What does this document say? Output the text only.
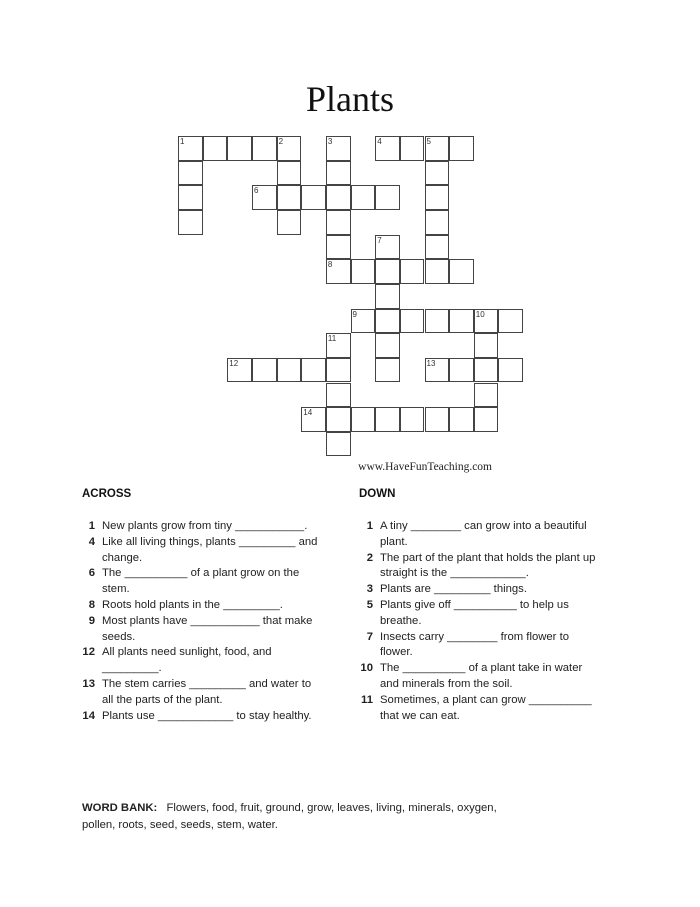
Plants
1	2	3
8
4	5
6
7
9	10
11
12	13
14
www.HaveFunTeaching.com
ACROSS	DOWN
1 New plants grow from tiny ___________.
4 Like all living things, plants _________ and
change.
6 The __________ of a plant grow on the
stem.
8 Roots hold plants in the _________.
9 Most plants have ___________ that make
seeds.
12 All plants need sunlight, food, and
_________.
13 The stem carries _________ and water to
all the parts of the plant.
14 Plants use ____________ to stay healthy.
1 A tiny ________ can grow into a beautiful
plant.
2 The part of the plant that holds the plant up
straight is the ____________.
3 Plants are _________ things.
5 Plants give off __________ to help us
breathe.
7 Insects carry ________ from flower to
flower.
10 The __________ of a plant take in water
and minerals from the soil.
11 Sometimes, a plant can grow __________
that we can eat.
WORD BANK: Flowers, food, fruit, ground, grow, leaves, living, minerals, oxygen, pollen, roots, seed, seeds, stem, water.
